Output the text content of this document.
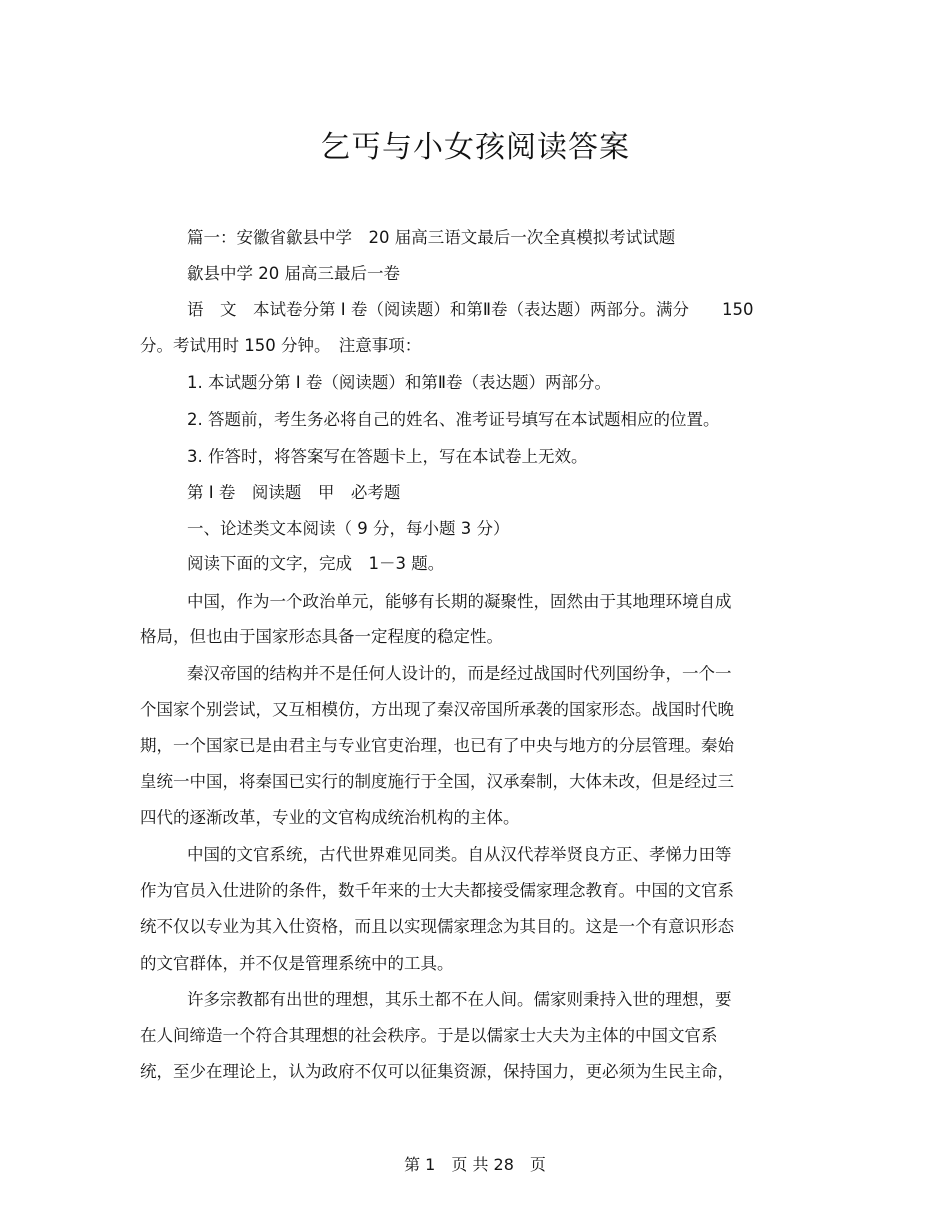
乞丐与小女孩阅读答案
篇一：安徽省歙县中学　20 届高三语文最后一次全真模拟考试试题
歙县中学 20 届高三最后一卷
语　文　本试卷分第 I 卷（阅读题）和第Ⅱ卷（表达题）两部分。满分　　150
分。考试用时 150 分钟。　注意事项：
1. 本试题分第 I 卷（阅读题）和第Ⅱ卷（表达题）两部分。
2. 答题前，考生务必将自己的姓名、准考证号填写在本试题相应的位置。
3. 作答时，将答案写在答题卡上，写在本试卷上无效。
第 I 卷　阅读题　甲　必考题
一、论述类文本阅读（ 9 分，每小题 3 分）
阅读下面的文字，完成　1－3 题。
中国，作为一个政治单元，能够有长期的凝聚性，固然由于其地理环境自成
格局，但也由于国家形态具备一定程度的稳定性。
秦汉帝国的结构并不是任何人设计的，而是经过战国时代列国纷争，一个一
个国家个别尝试，又互相模仿，方出现了秦汉帝国所承袭的国家形态。战国时代晚
期，一个国家已是由君主与专业官吏治理，也已有了中央与地方的分层管理。秦始
皇统一中国，将秦国已实行的制度施行于全国，汉承秦制，大体未改，但是经过三
四代的逐渐改革，专业的文官构成统治机构的主体。
中国的文官系统，古代世界难见同类。自从汉代荐举贤良方正、孝悌力田等
作为官员入仕进阶的条件，数千年来的士大夫都接受儒家理念教育。中国的文官系
统不仅以专业为其入仕资格，而且以实现儒家理念为其目的。这是一个有意识形态
的文官群体，并不仅是管理系统中的工具。
许多宗教都有出世的理想，其乐土都不在人间。儒家则秉持入世的理想，要
在人间缔造一个符合其理想的社会秩序。于是以儒家士大夫为主体的中国文官系
统，至少在理论上，认为政府不仅可以征集资源，保持国力，更必须为生民主命，
第 1　页 共 28　页
